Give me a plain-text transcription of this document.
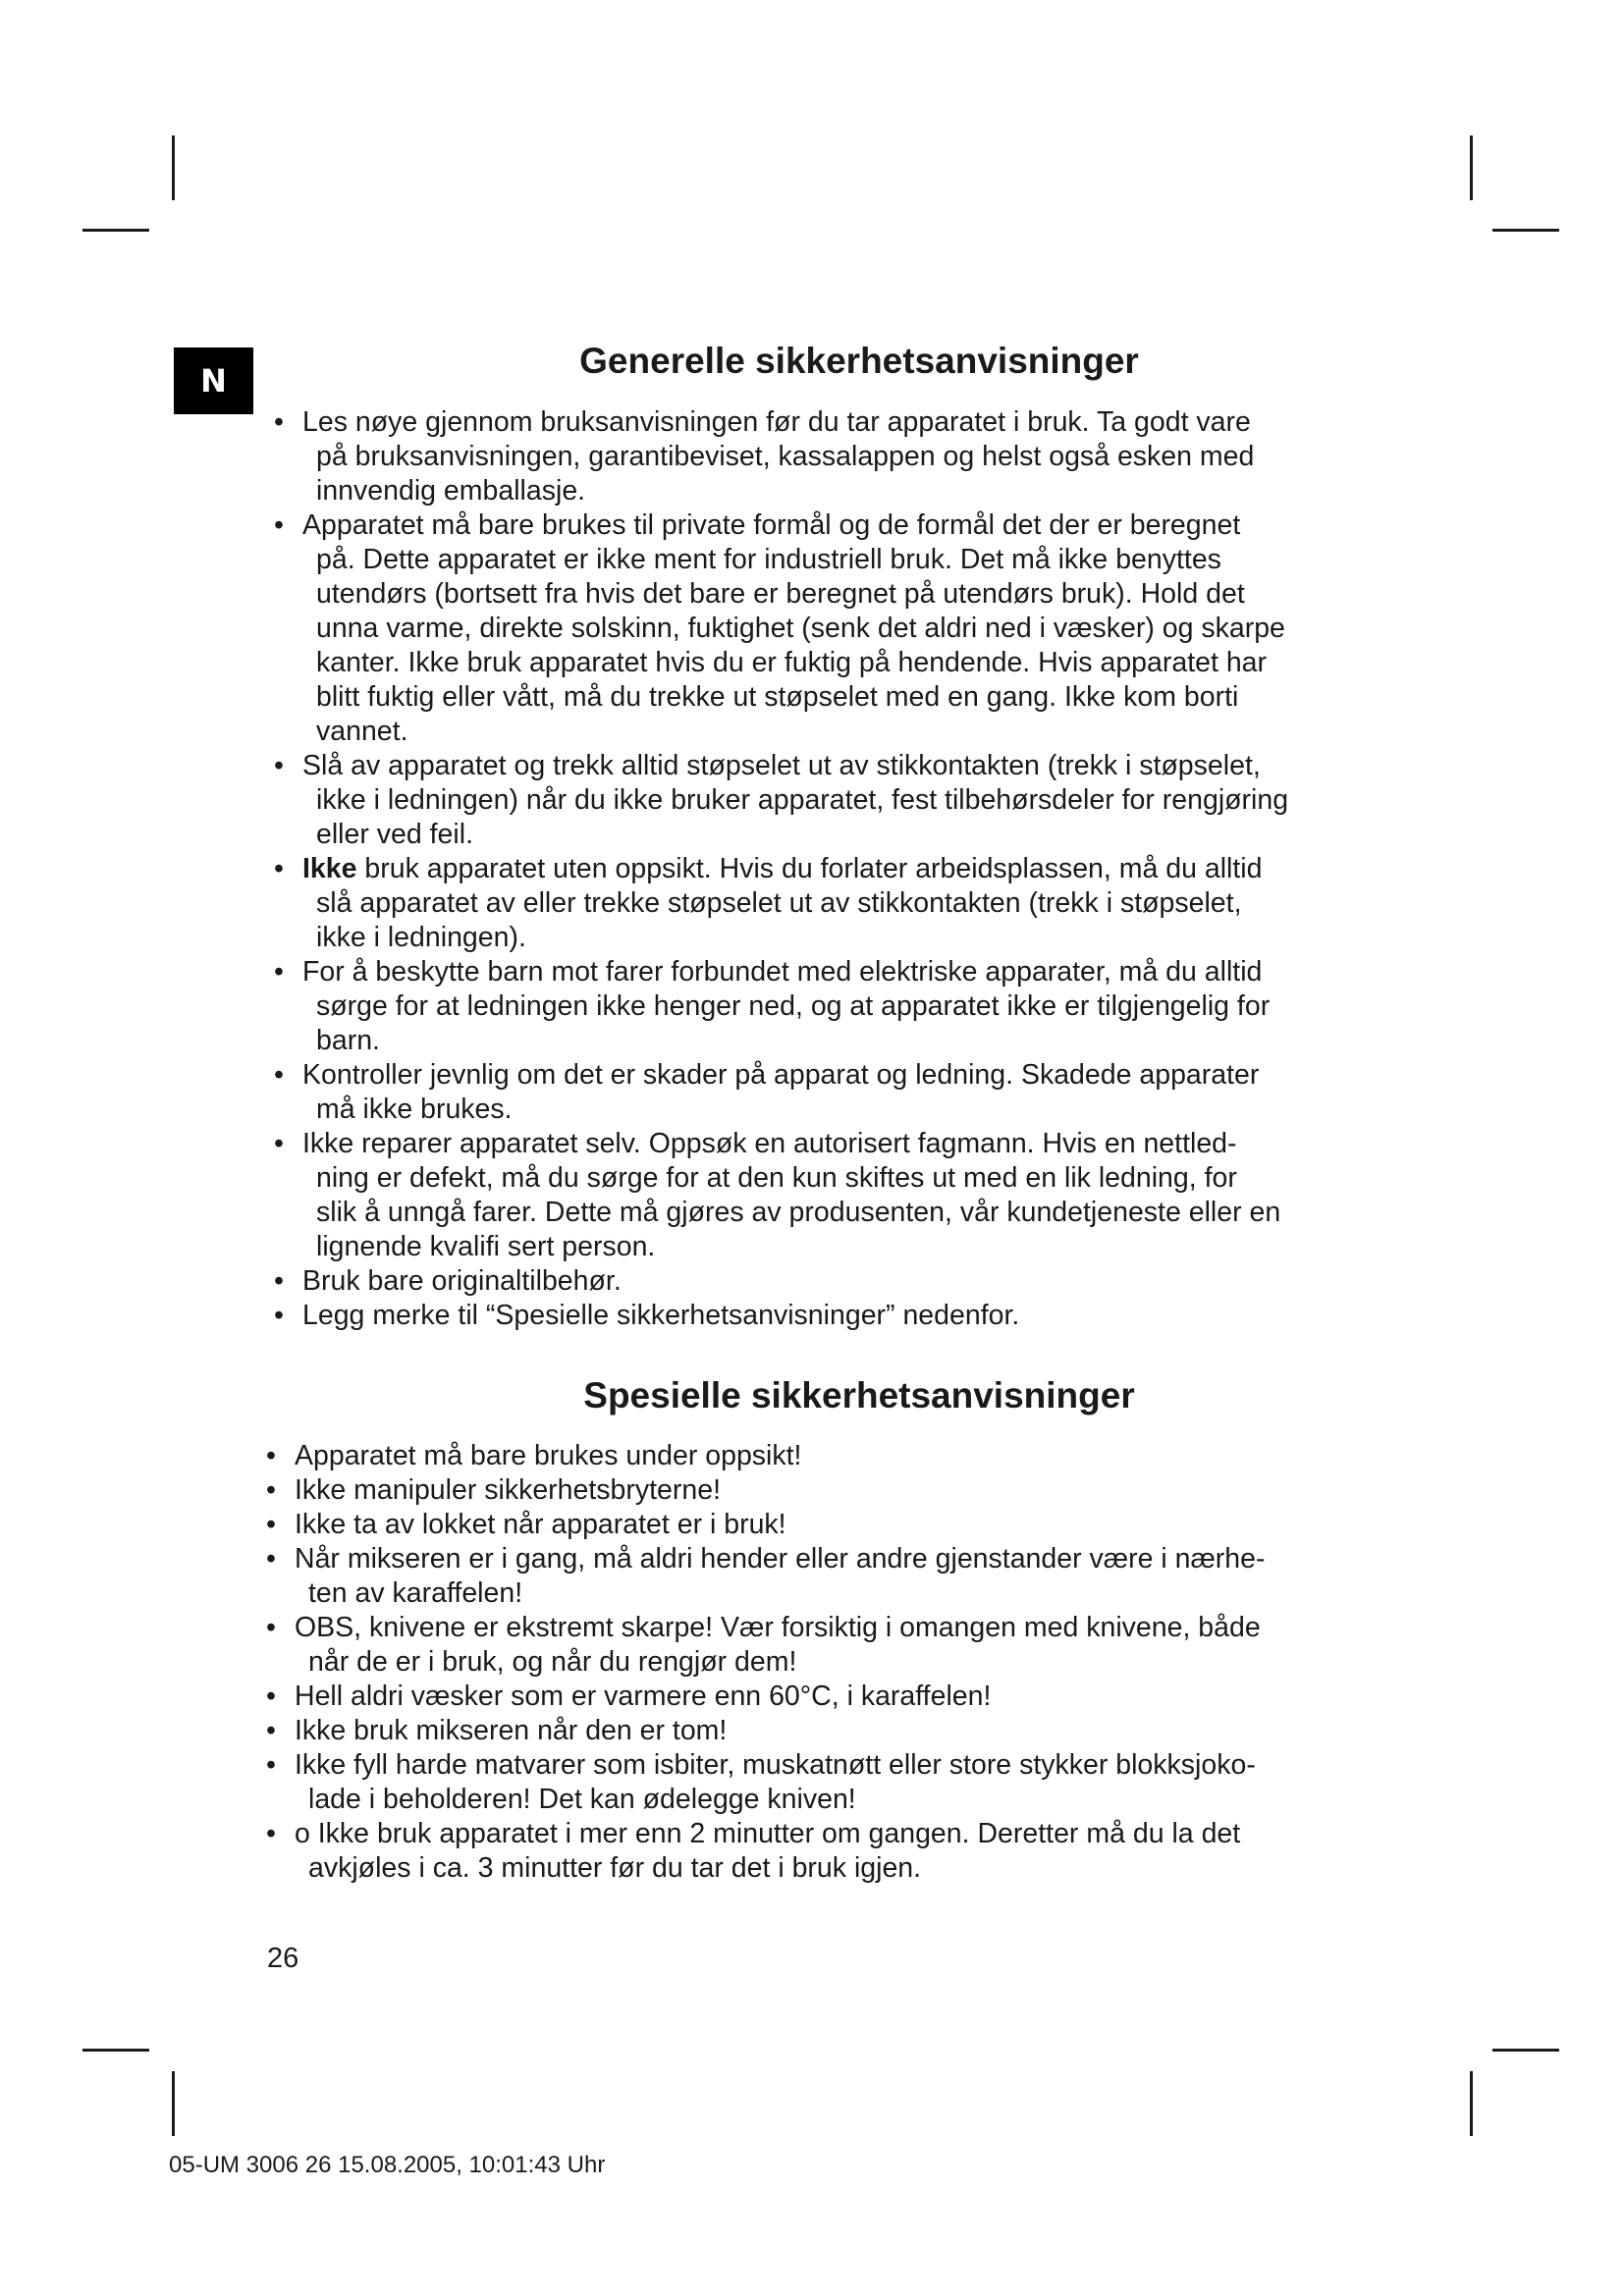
N	Generelle sikkerhetsanvisninger
• Les nøye gjennom bruksanvisningen før du tar apparatet i bruk. Ta godt vare
på bruksanvisningen, garantibeviset, kassalappen og helst også esken med
innvendig emballasje.
• Apparatet må bare brukes til private formål og de formål det der er beregnet
på. Dette apparatet er ikke ment for industriell bruk. Det må ikke benyttes
utendørs (bortsett fra hvis det bare er beregnet på utendørs bruk). Hold det
unna varme, direkte solskinn, fuktighet (senk det aldri ned i væsker) og skarpe
kanter. Ikke bruk apparatet hvis du er fuktig på hendende. Hvis apparatet har
blitt fuktig eller vått, må du trekke ut støpselet med en gang. Ikke kom borti
vannet.
• Slå av apparatet og trekk alltid støpselet ut av stikkontakten (trekk i støpselet,
ikke i ledningen) når du ikke bruker apparatet, fest tilbehørsdeler for rengjøring
eller ved feil.
• Ikke bruk apparatet uten oppsikt. Hvis du forlater arbeidsplassen, må du alltid
slå apparatet av eller trekke støpselet ut av stikkontakten (trekk i støpselet,
ikke i ledningen).
• For å beskytte barn mot farer forbundet med elektriske apparater, må du alltid
sørge for at ledningen ikke henger ned, og at apparatet ikke er tilgjengelig for
barn.
• Kontroller jevnlig om det er skader på apparat og ledning. Skadede apparater
må ikke brukes.
• Ikke reparer apparatet selv. Oppsøk en autorisert fagmann. Hvis en nettled-
ning er defekt, må du sørge for at den kun skiftes ut med en lik ledning, for
slik å unngå farer. Dette må gjøres av produsenten, vår kundetjeneste eller en
lignende kvalifi sert person.
• Bruk bare originaltilbehør.
• Legg merke til “Spesielle sikkerhetsanvisninger” nedenfor.
Spesielle sikkerhetsanvisninger
• Apparatet må bare brukes under oppsikt!
• Ikke manipuler sikkerhetsbryterne!
• Ikke ta av lokket når apparatet er i bruk!
• Når mikseren er i gang, må aldri hender eller andre gjenstander være i nærhe-
ten av karaffelen!
• OBS, knivene er ekstremt skarpe! Vær forsiktig i omangen med knivene, både
når de er i bruk, og når du rengjør dem!
• Hell aldri væsker som er varmere enn 60°C, i karaffelen!
• Ikke bruk mikseren når den er tom!
• Ikke fyll harde matvarer som isbiter, muskatnøtt eller store stykker blokksjoko-
lade i beholderen! Det kan ødelegge kniven!
• o Ikke bruk apparatet i mer enn 2 minutter om gangen. Deretter må du la det
avkjøles i ca. 3 minutter før du tar det i bruk igjen.
26
05-UM 3006 26 15.08.2005, 10:01:43 Uhr
